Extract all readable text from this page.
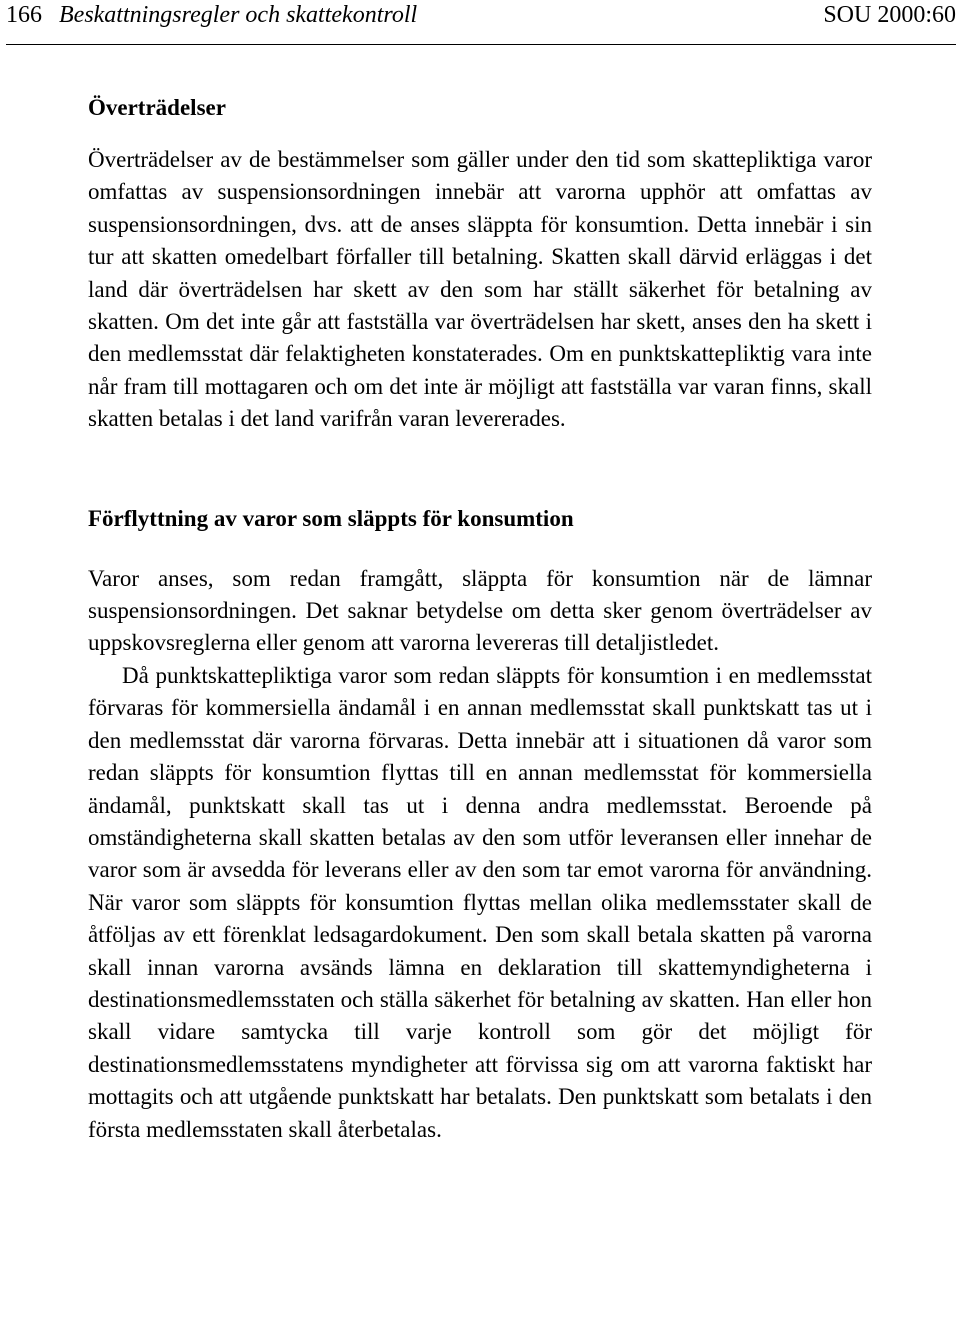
166 Beskattningsregler och skattekontroll	SOU 2000:60
Överträdelser

Överträdelser av de bestämmelser som gäller under den tid som skattepliktiga varor omfattas av suspensionsordningen innebär att varorna upphör att omfattas av suspensionsordningen, dvs. att de anses släppta för konsumtion. Detta innebär i sin tur att skatten omedelbart förfaller till betalning. Skatten skall därvid erläggas i det land där överträdelsen har skett av den som har ställt säkerhet för betalning av skatten. Om det inte går att fastställa var överträdelsen har skett, anses den ha skett i den medlemsstat där felaktigheten konstaterades. Om en punktskattepliktig vara inte når fram till mottagaren och om det inte är möjligt att fastställa var varan finns, skall skatten betalas i det land varifrån varan levererades.

Förflyttning av varor som släppts för konsumtion

Varor anses, som redan framgått, släppta för konsumtion när de lämnar suspensionsordningen. Det saknar betydelse om detta sker genom överträdelser av uppskovsreglerna eller genom att varorna levereras till detaljistledet.

Då punktskattepliktiga varor som redan släppts för konsumtion i en medlemsstat förvaras för kommersiella ändamål i en annan medlemsstat skall punktskatt tas ut i den medlemsstat där varorna förvaras. Detta innebär att i situationen då varor som redan släppts för konsumtion flyttas till en annan medlemsstat för kommersiella ändamål, punktskatt skall tas ut i denna andra medlemsstat. Beroende på omständigheterna skall skatten betalas av den som utför leveransen eller innehar de varor som är avsedda för leverans eller av den som tar emot varorna för användning. När varor som släppts för konsumtion flyttas mellan olika medlemsstater skall de åtföljas av ett förenklat ledsagardokument. Den som skall betala skatten på varorna skall innan varorna avsänds lämna en deklaration till skattemyndigheterna i destinationsmedlemsstaten och ställa säkerhet för betalning av skatten. Han eller hon skall vidare samtycka till varje kontroll som gör det möjligt för destinationsmedlemsstatens myndigheter att förvissa sig om att varorna faktiskt har mottagits och att utgående punktskatt har betalats. Den punktskatt som betalats i den första medlemsstaten skall återbetalas.
